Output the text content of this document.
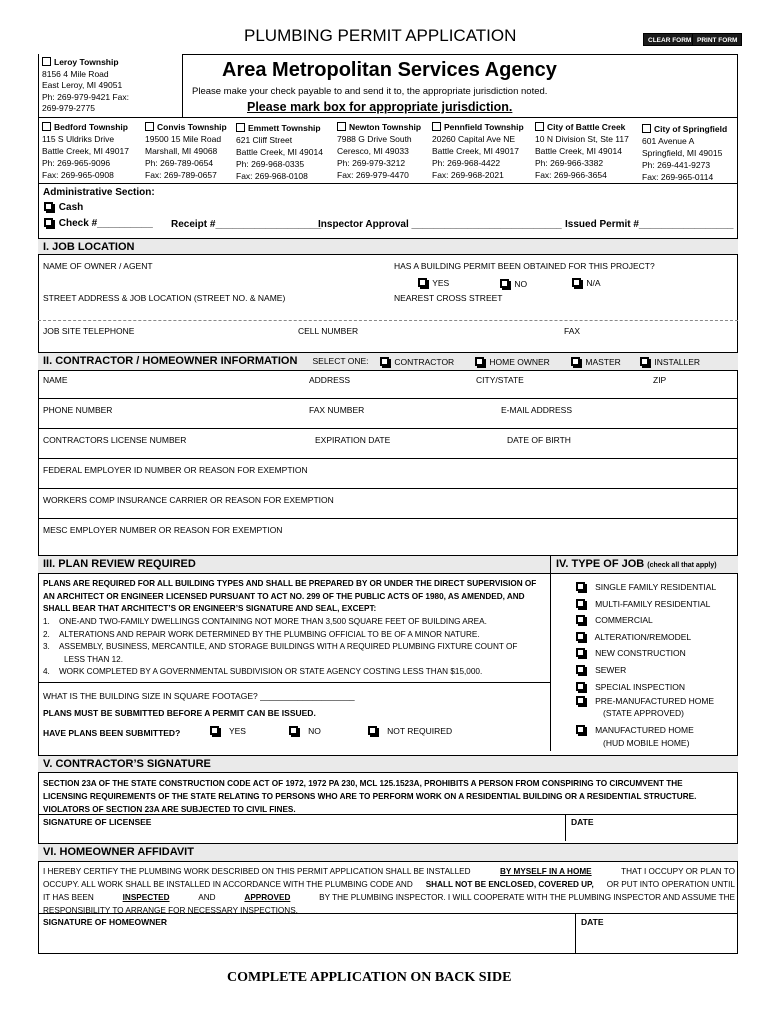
PLUMBING PERMIT APPLICATION	CLEAR FORM PRINT FORM
Leroy Township
8156 4 Mile Road
East Leroy, MI 49051
Ph: 269-979-9421 Fax:
269-979-2775
Area Metropolitan Services Agency
Please make your check payable to and send it to, the appropriate jurisdiction noted.
Please mark box for appropriate jurisdiction.
Bedford Township
115 S Uldriks Drive
Battle Creek, MI 49017
Ph: 269-965-9096
Fax: 269-965-0908
Convis Township
19500 15 Mile Road
Marshall, MI 49068
Ph: 269-789-0654
Fax: 269-789-0657
Emmett Township
621 Cliff Street
Battle Creek, MI 49014
Ph: 269-968-0335
Fax: 269-968-0108
Newton Township
7988 G Drive South
Ceresco, MI 49033
Ph: 269-979-3212
Fax: 269-979-4470
Pennfield Township
20260 Capital Ave NE
Battle Creek, MI 49017
Ph: 269-968-4422
Fax: 269-968-2021
City of Battle Creek
10 N Division St, Ste 117
Battle Creek, MI 49014
Ph: 269-966-3382
Fax: 269-966-3654
City of Springfield
601 Avenue A
Springfield, MI 49015
Ph: 269-441-9273
Fax: 269-965-0114
Administrative Section:
Cash
Check #__________ Receipt #___________________
Inspector Approval ___________________________ Issued Permit #_________________
I. JOB LOCATION
NAME OF OWNER / AGENT	HAS A BUILDING PERMIT BEEN OBTAINED FOR THIS PROJECT?
YES	NO	N/A
STREET ADDRESS & JOB LOCATION (STREET NO. & NAME)	NEAREST CROSS STREET
JOB SITE TELEPHONE	CELL NUMBER	FAX
II. CONTRACTOR / HOMEOWNER INFORMATION SELECT ONE:	CONTRACTOR	HOME OWNER	MASTER	INSTALLER
NAME	ADDRESS	CITY/STATE	ZIP
PHONE NUMBER	FAX NUMBER	E-MAIL ADDRESS
CONTRACTORS LICENSE NUMBER	EXPIRATION DATE	DATE OF BIRTH
FEDERAL EMPLOYER ID NUMBER OR REASON FOR EXEMPTION
WORKERS COMP INSURANCE CARRIER OR REASON FOR EXEMPTION
MESC EMPLOYER NUMBER OR REASON FOR EXEMPTION
III. PLAN REVIEW REQUIRED	IV. TYPE OF JOB (check all that apply)
PLANS ARE REQUIRED FOR ALL BUILDING TYPES AND SHALL BE PREPARED BY OR UNDER THE DIRECT SUPERVISION OF
AN ARCHITECT OR ENGINEER LICENSED PURSUANT TO ACT NO. 299 OF THE PUBLIC ACTS OF 1980, AS AMENDED, AND
SHALL BEAR THAT ARCHITECT’S OR ENGINEER’S SIGNATURE AND SEAL, EXCEPT:
1.    ONE-AND TWO-FAMILY DWELLINGS CONTAINING NOT MORE THAN 3,500 SQUARE FEET OF BUILDING AREA.
2.    ALTERATIONS AND REPAIR WORK DETERMINED BY THE PLUMBING OFFICIAL TO BE OF A MINOR NATURE.
3.    ASSEMBLY, BUSINESS, MERCANTILE, AND STORAGE BUILDINGS WITH A REQUIRED PLUMBING FIXTURE COUNT OF
LESS THAN 12.
4.    WORK COMPLETED BY A GOVERNMENTAL SUBDIVISION OR STATE AGENCY COSTING LESS THAN $15,000.
WHAT IS THE BUILDING SIZE IN SQUARE FOOTAGE? ____________________
PLANS MUST BE SUBMITTED BEFORE A PERMIT CAN BE ISSUED.
HAVE PLANS BEEN SUBMITTED?	YES	NO	NOT REQUIRED
SINGLE FAMILY RESIDENTIAL
MULTI-FAMILY RESIDENTIAL
COMMERCIAL
ALTERATION/REMODEL
NEW CONSTRUCTION
SEWER
SPECIAL INSPECTION
PRE-MANUFACTURED HOME
(STATE APPROVED)
MANUFACTURED HOME
(HUD MOBILE HOME)
V. CONTRACTOR’S SIGNATURE
SECTION 23A OF THE STATE CONSTRUCTION CODE ACT OF 1972, 1972 PA 230, MCL 125.1523A, PROHIBITS A PERSON FROM CONSPIRING TO CIRCUMVENT THE
LICENSING REQUIREMENTS OF THE STATE RELATING TO PERSONS WHO ARE TO PERFORM WORK ON A RESIDENTIAL BUILDING OR A RESIDENTIAL STRUCTURE.
VIOLATORS OF SECTION 23A ARE SUBJECTED TO CIVIL FINES.
SIGNATURE OF LICENSEE	DATE
VI. HOMEOWNER AFFIDAVIT
I HEREBY CERTIFY THE PLUMBING WORK DESCRIBED ON THIS PERMIT APPLICATION SHALL BE INSTALLED	BY MYSELF IN A HOME	THAT I OCCUPY OR PLAN TO
OCCUPY. ALL WORK SHALL BE INSTALLED IN ACCORDANCE WITH THE PLUMBING CODE AND SHALL NOT BE ENCLOSED, COVERED UP, OR PUT INTO OPERATION UNTIL
IT HAS BEEN	INSPECTED	AND	APPROVED	BY THE PLUMBING INSPECTOR. I WILL COOPERATE WITH THE PLUMBING INSPECTOR AND ASSUME THE
RESPONSIBILITY TO ARRANGE FOR NECESSARY INSPECTIONS.
SIGNATURE OF HOMEOWNER	DATE
COMPLETE APPLICATION ON BACK SIDE
